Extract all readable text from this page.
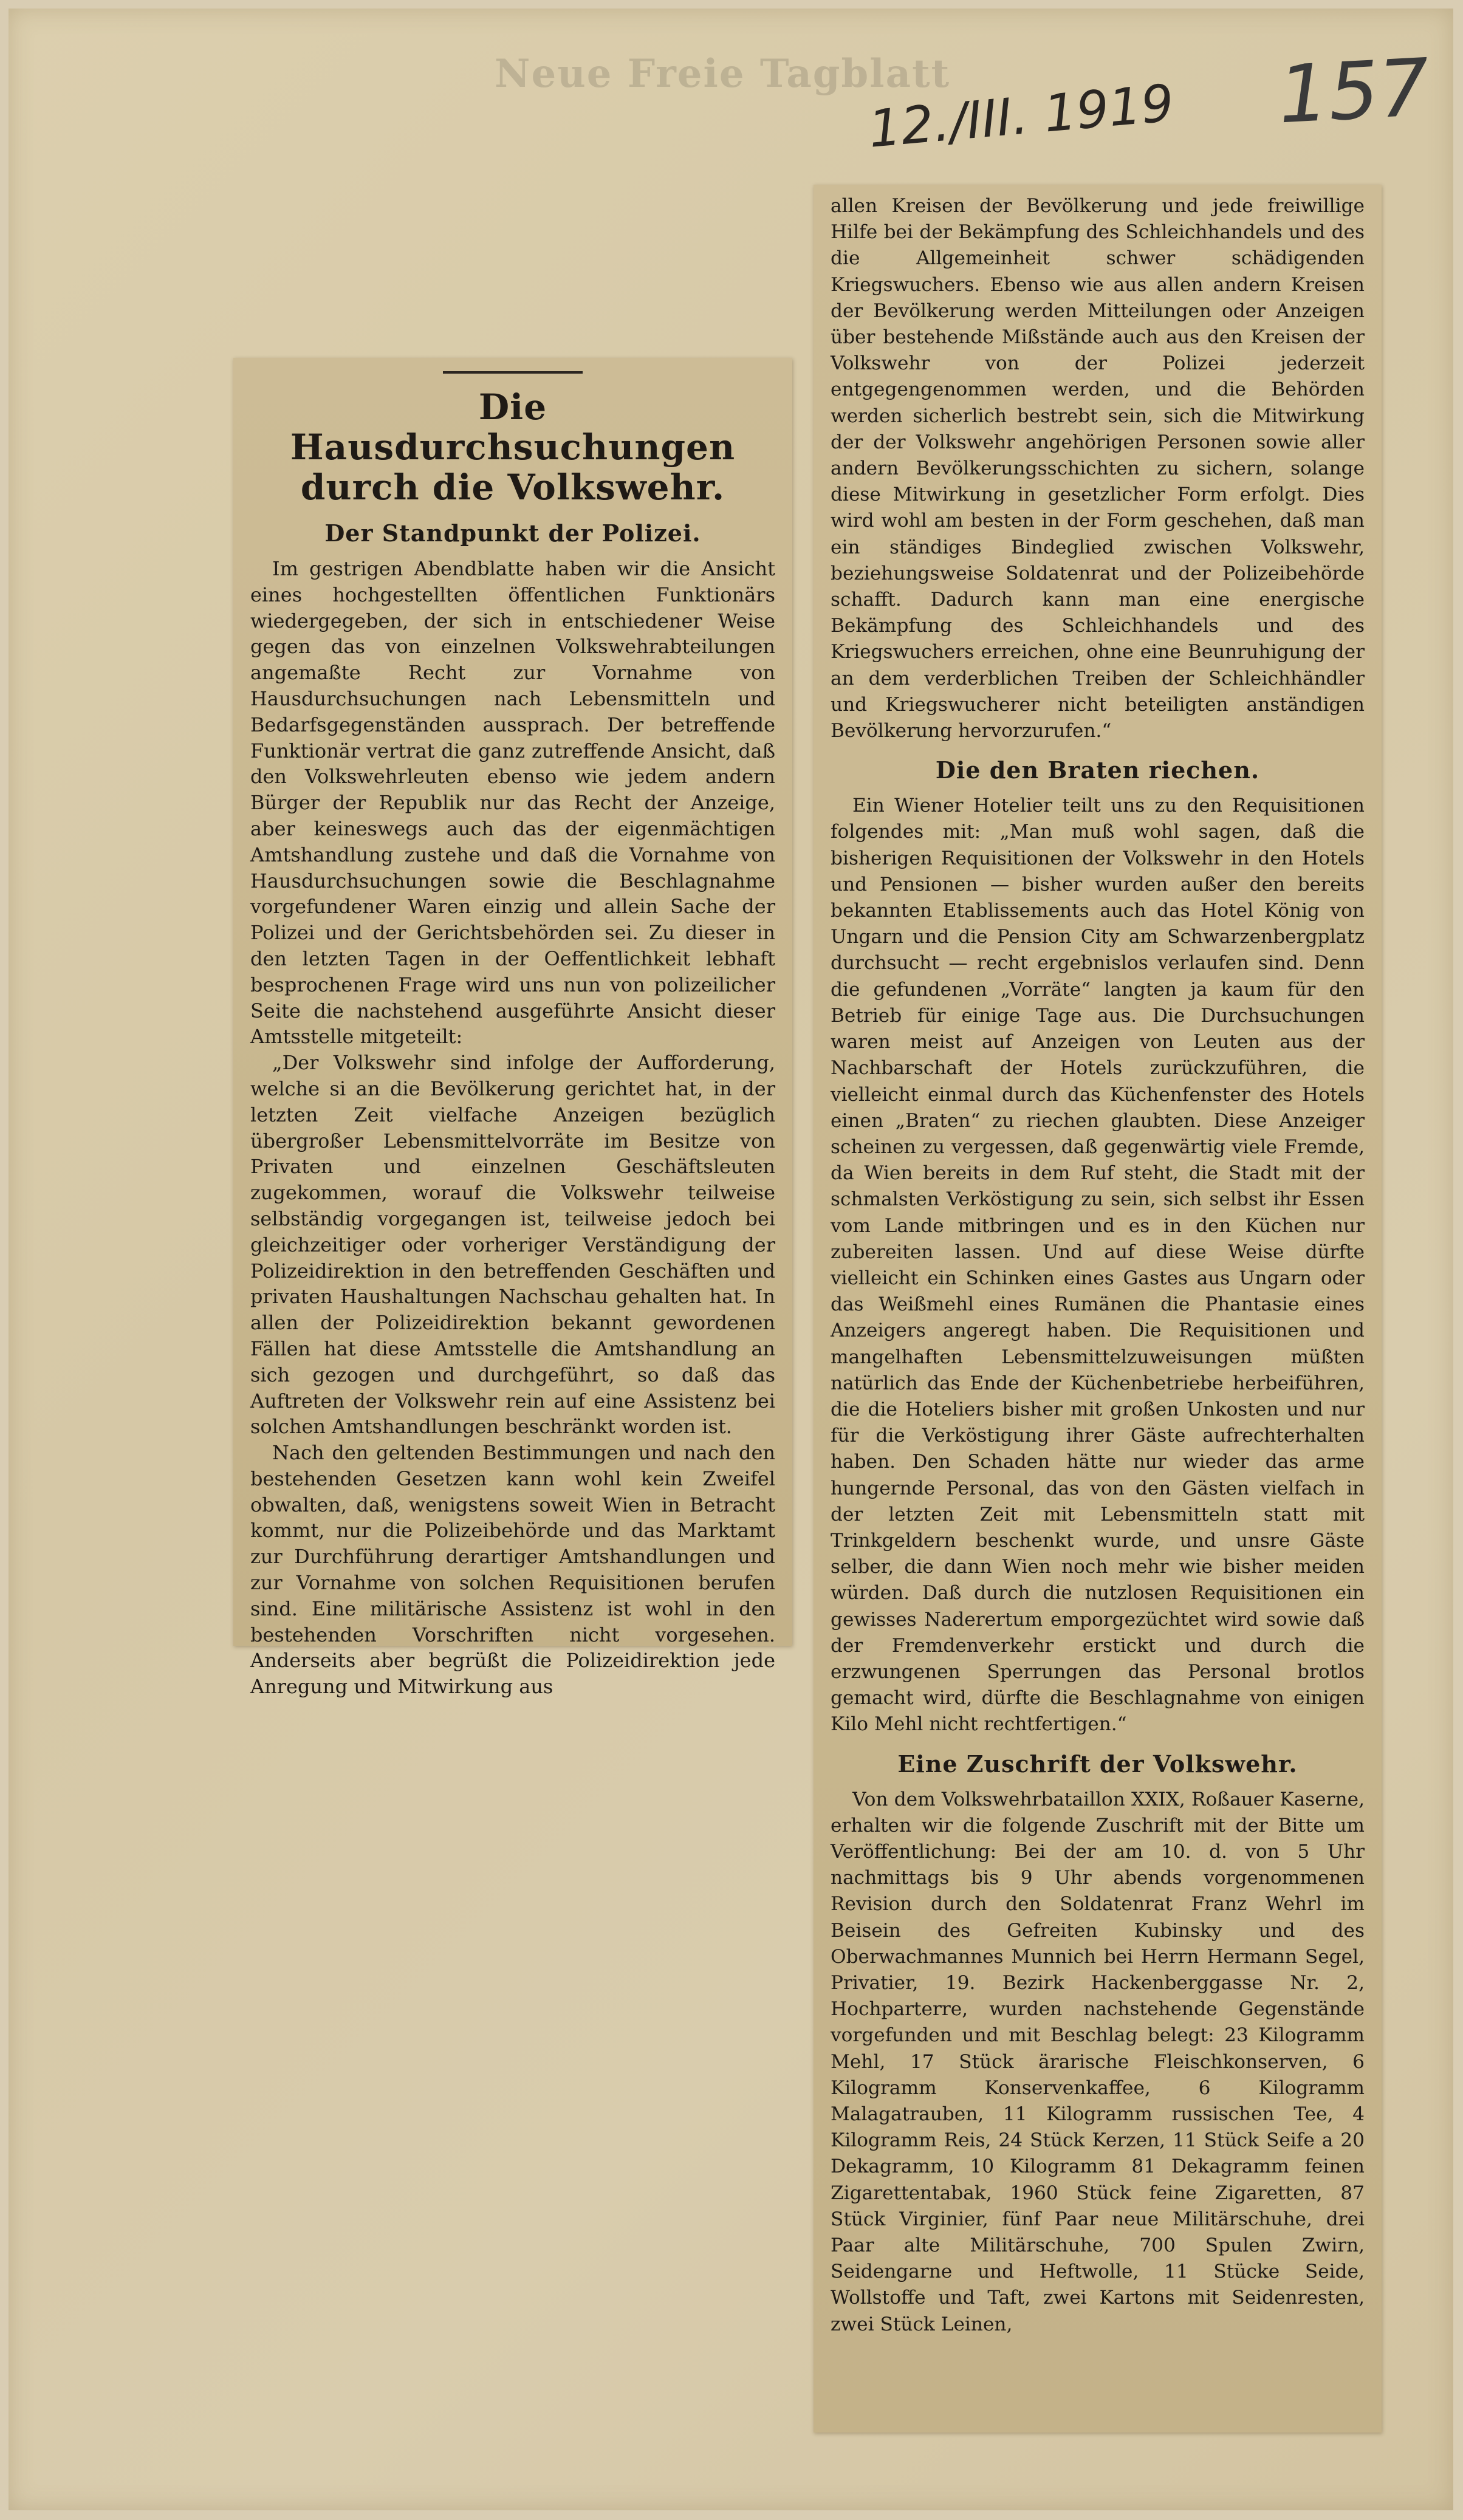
Neue Freie Tagblatt
12./III. 1919 157
Die Hausdurchsuchungen durch die Volkswehr.
Der Standpunkt der Polizei.

Im gestrigen Abendblatte haben wir die Ansicht eines hochgestellten öffentlichen Funktionärs wiedergegeben, der sich in entschiedener Weise gegen das von einzelnen Volkswehrabteilungen angemaßte Recht zur Vornahme von Hausdurchsuchungen nach Lebensmitteln und Bedarfsgegenständen aussprach. Der betreffende Funktionär vertrat die ganz zutreffende Ansicht, daß den Volkswehrleuten ebenso wie jedem andern Bürger der Republik nur das Recht der Anzeige, aber keineswegs auch das der eigenmächtigen Amtshandlung zustehe und daß die Vornahme von Hausdurchsuchungen sowie die Beschlagnahme vorgefundener Waren einzig und allein Sache der Polizei und der Gerichtsbehörden sei. Zu dieser in den letzten Tagen in der Oeffentlichkeit lebhaft besprochenen Frage wird uns nun von polizeilicher Seite die nachstehend ausgeführte Ansicht dieser Amtsstelle mitgeteilt:

„Der Volkswehr sind infolge der Aufforderung, welche si an die Bevölkerung gerichtet hat, in der letzten Zeit vielfache Anzeigen bezüglich übergroßer Lebensmittelvorräte im Besitze von Privaten und einzelnen Geschäftsleuten zugekommen, worauf die Volkswehr teilweise selbständig vorgegangen ist, teilweise jedoch bei gleichzeitiger oder vorheriger Verständigung der Polizeidirektion in den betreffenden Geschäften und privaten Haushaltungen Nachschau gehalten hat. In allen der Polizeidirektion bekannt gewordenen Fällen hat diese Amtsstelle die Amtshandlung an sich gezogen und durchgeführt, so daß das Auftreten der Volkswehr rein auf eine Assistenz bei solchen Amtshandlungen beschränkt worden ist.

Nach den geltenden Bestimmungen und nach den bestehenden Gesetzen kann wohl kein Zweifel obwalten, daß, wenigstens soweit Wien in Betracht kommt, nur die Polizeibehörde und das Marktamt zur Durchführung derartiger Amtshandlungen und zur Vornahme von solchen Requisitionen berufen sind. Eine militärische Assistenz ist wohl in den bestehenden Vorschriften nicht vorgesehen. Anderseits aber begrüßt die Polizeidirektion jede Anregung und Mitwirkung aus

allen Kreisen der Bevölkerung und jede freiwillige Hilfe bei der Bekämpfung des Schleichhandels und des die Allgemeinheit schwer schädigenden Kriegswuchers. Ebenso wie aus allen andern Kreisen der Bevölkerung werden Mitteilungen oder Anzeigen über bestehende Mißstände auch aus den Kreisen der Volkswehr von der Polizei jederzeit entgegengenommen werden, und die Behörden werden sicherlich bestrebt sein, sich die Mitwirkung der der Volkswehr angehörigen Personen sowie aller andern Bevölkerungsschichten zu sichern, solange diese Mitwirkung in gesetzlicher Form erfolgt. Dies wird wohl am besten in der Form geschehen, daß man ein ständiges Bindeglied zwischen Volkswehr, beziehungsweise Soldatenrat und der Polizeibehörde schafft. Dadurch kann man eine energische Bekämpfung des Schleichhandels und des Kriegswuchers erreichen, ohne eine Beunruhigung der an dem verderblichen Treiben der Schleichhändler und Kriegswucherer nicht beteiligten anständigen Bevölkerung hervorzurufen.“

Die den Braten riechen.

Ein Wiener Hotelier teilt uns zu den Requisitionen folgendes mit: „Man muß wohl sagen, daß die bisherigen Requisitionen der Volkswehr in den Hotels und Pensionen — bisher wurden außer den bereits bekannten Etablissements auch das Hotel König von Ungarn und die Pension City am Schwarzenbergplatz durchsucht — recht ergebnislos verlaufen sind. Denn die gefundenen „Vorräte“ langten ja kaum für den Betrieb für einige Tage aus. Die Durchsuchungen waren meist auf Anzeigen von Leuten aus der Nachbarschaft der Hotels zurückzuführen, die vielleicht einmal durch das Küchenfenster des Hotels einen „Braten“ zu riechen glaubten. Diese Anzeiger scheinen zu vergessen, daß gegenwärtig viele Fremde, da Wien bereits in dem Ruf steht, die Stadt mit der schmalsten Verköstigung zu sein, sich selbst ihr Essen vom Lande mitbringen und es in den Küchen nur zubereiten lassen. Und auf diese Weise dürfte vielleicht ein Schinken eines Gastes aus Ungarn oder das Weißmehl eines Rumänen die Phantasie eines Anzeigers angeregt haben. Die Requisitionen und mangelhaften Lebensmittelzuweisungen müßten natürlich das Ende der Küchenbetriebe herbeiführen, die die Hoteliers bisher mit großen Unkosten und nur für die Verköstigung ihrer Gäste aufrechterhalten haben. Den Schaden hätte nur wieder das arme hungernde Personal, das von den Gästen vielfach in der letzten Zeit mit Lebensmitteln statt mit Trinkgeldern beschenkt wurde, und unsre Gäste selber, die dann Wien noch mehr wie bisher meiden würden. Daß durch die nutzlosen Requisitionen ein gewisses Naderertum emporgezüchtet wird sowie daß der Fremdenverkehr erstickt und durch die erzwungenen Sperrungen das Personal brotlos gemacht wird, dürfte die Beschlagnahme von einigen Kilo Mehl nicht rechtfertigen.“

Eine Zuschrift der Volkswehr.

Von dem Volkswehrbataillon XXIX, Roßauer Kaserne, erhalten wir die folgende Zuschrift mit der Bitte um Veröffentlichung: Bei der am 10. d. von 5 Uhr nachmittags bis 9 Uhr abends vorgenommenen Revision durch den Soldatenrat Franz Wehrl im Beisein des Gefreiten Kubinsky und des Oberwachmannes Munnich bei Herrn Hermann Segel, Privatier, 19. Bezirk Hackenberggasse Nr. 2, Hochparterre, wurden nachstehende Gegenstände vorgefunden und mit Beschlag belegt: 23 Kilogramm Mehl, 17 Stück ärarische Fleischkonserven, 6 Kilogramm Konservenkaffee, 6 Kilogramm Malagatrauben, 11 Kilogramm russischen Tee, 4 Kilogramm Reis, 24 Stück Kerzen, 11 Stück Seife a 20 Dekagramm, 10 Kilogramm 81 Dekagramm feinen Zigarettentabak, 1960 Stück feine Zigaretten, 87 Stück Virginier, fünf Paar neue Militärschuhe, drei Paar alte Militärschuhe, 700 Spulen Zwirn, Seidengarne und Heftwolle, 11 Stücke Seide, Wollstoffe und Taft, zwei Kartons mit Seidenresten, zwei Stück Leinen,
